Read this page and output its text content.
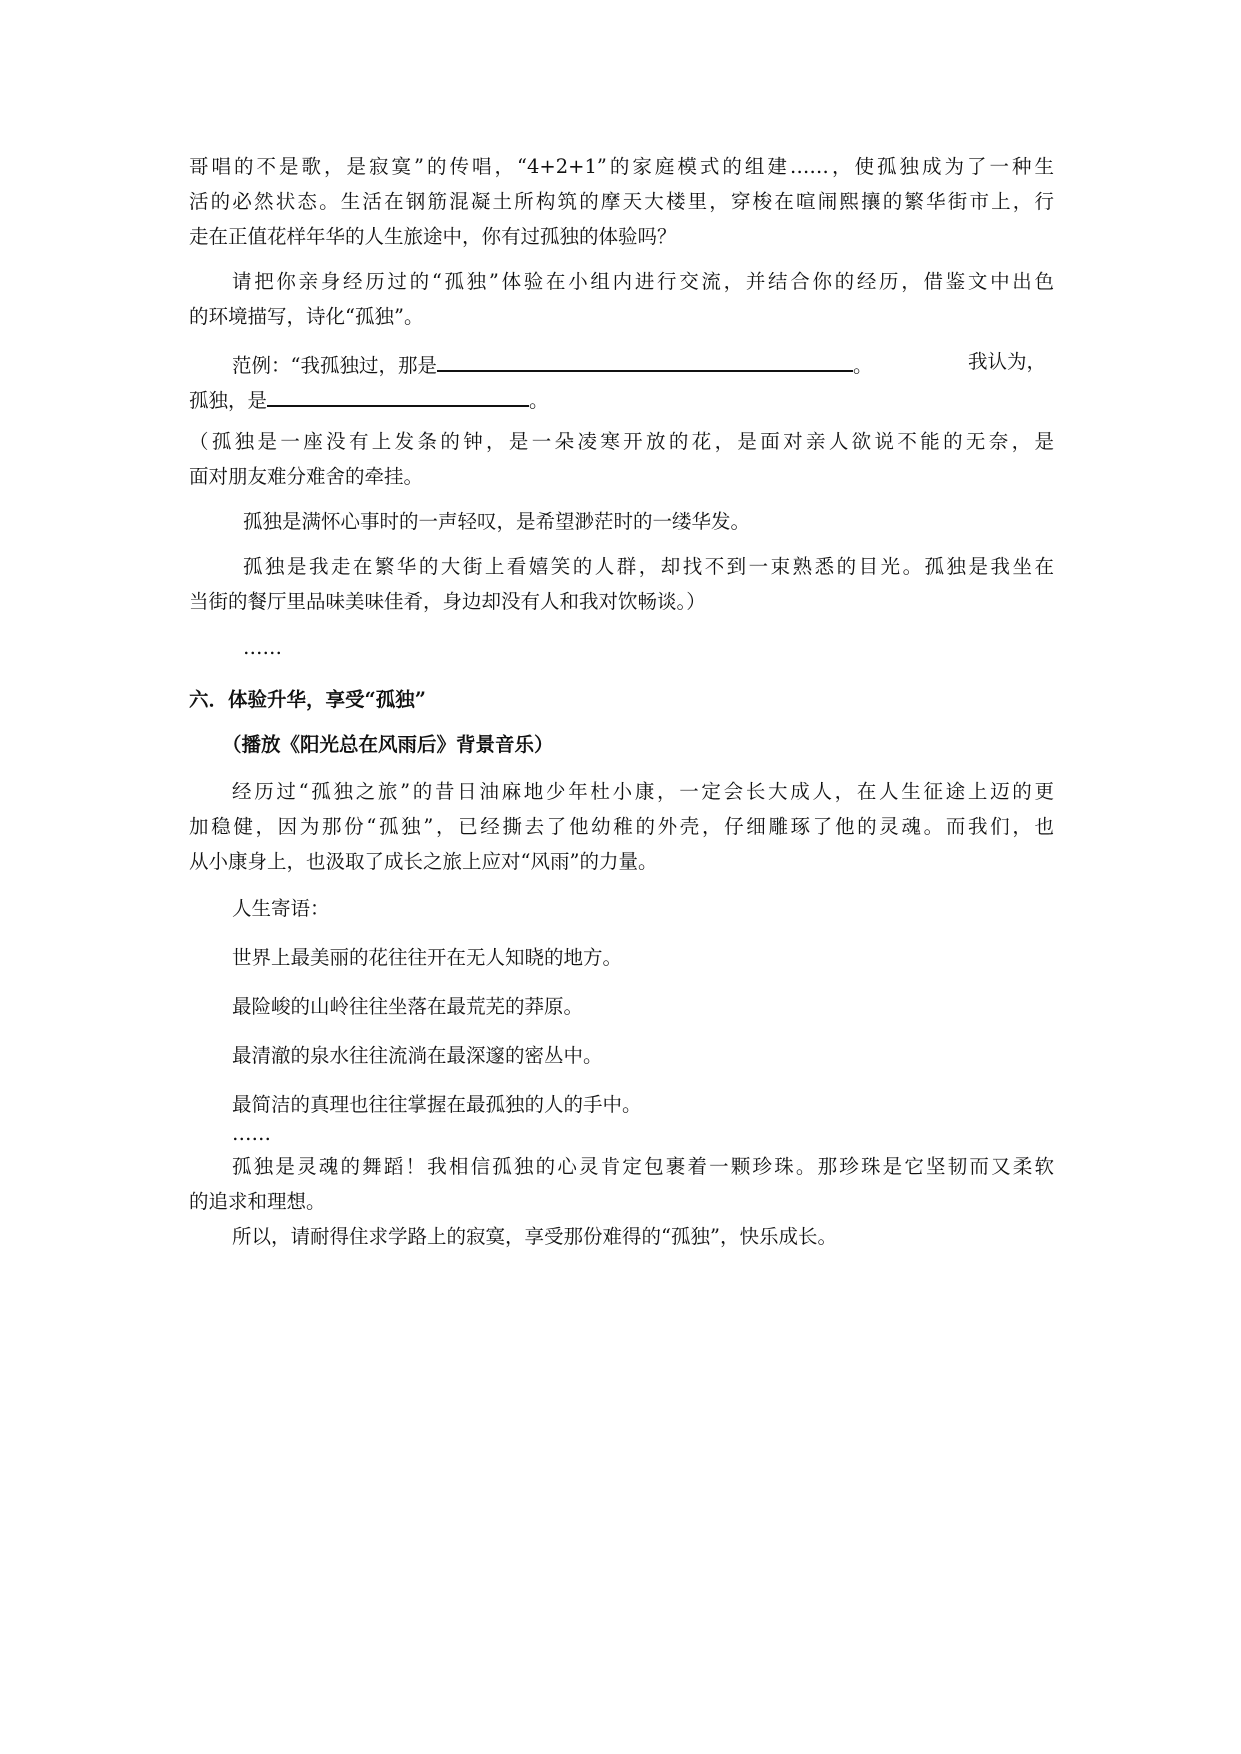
哥唱的不是歌，是寂寞”的传唱，“4+2+1”的家庭模式的组建……，使孤独成为了一种生
活的必然状态。生活在钢筋混凝土所构筑的摩天大楼里，穿梭在喧闹熙攘的繁华街市上，行
走在正值花样年华的人生旅途中，你有过孤独的体验吗？
请把你亲身经历过的“孤独”体验在小组内进行交流，并结合你的经历，借鉴文中出色
的环境描写，诗化“孤独”。
范例：“我孤独过，那是	。	我认为，
孤独，是	。
（孤独是一座没有上发条的钟，是一朵凌寒开放的花，是面对亲人欲说不能的无奈，是
面对朋友难分难舍的牵挂。
孤独是满怀心事时的一声轻叹，是希望渺茫时的一缕华发。
孤独是我走在繁华的大街上看嬉笑的人群，却找不到一束熟悉的目光。孤独是我坐在
当街的餐厅里品味美味佳肴，身边却没有人和我对饮畅谈。）
……
六．体验升华，享受“孤独”
（播放《阳光总在风雨后》背景音乐）
经历过“孤独之旅”的昔日油麻地少年杜小康，一定会长大成人，在人生征途上迈的更
加稳健，因为那份“孤独”，已经撕去了他幼稚的外壳，仔细雕琢了他的灵魂。而我们，也
从小康身上，也汲取了成长之旅上应对“风雨”的力量。
人生寄语：
世界上最美丽的花往往开在无人知晓的地方。
最险峻的山岭往往坐落在最荒芜的莽原。
最清澈的泉水往往流淌在最深邃的密丛中。
最简洁的真理也往往掌握在最孤独的人的手中。
……
孤独是灵魂的舞蹈！我相信孤独的心灵肯定包裹着一颗珍珠。那珍珠是它坚韧而又柔软
的追求和理想。
所以，请耐得住求学路上的寂寞，享受那份难得的“孤独”，快乐成长。
